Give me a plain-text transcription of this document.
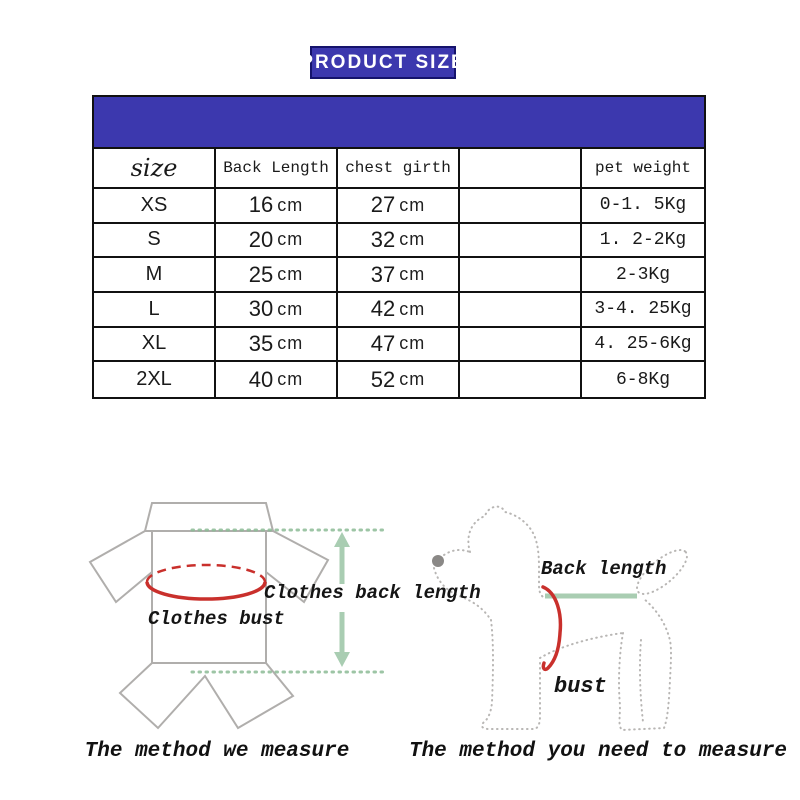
PRODUCT SIZE
size	Back Length	chest girth	pet weight
XS	16 cm	27 cm	0-1. 5Kg
S	20 cm	32 cm	1. 2-2Kg
M	25 cm	37 cm	2-3Kg
L	30 cm	42 cm	3-4. 25Kg
XL	35 cm	47 cm	4. 25-6Kg
2XL	40 cm	52 cm	6-8Kg
Clothes bust
Clothes back length
Back length
bust
The method we measure	The method you need to measure
